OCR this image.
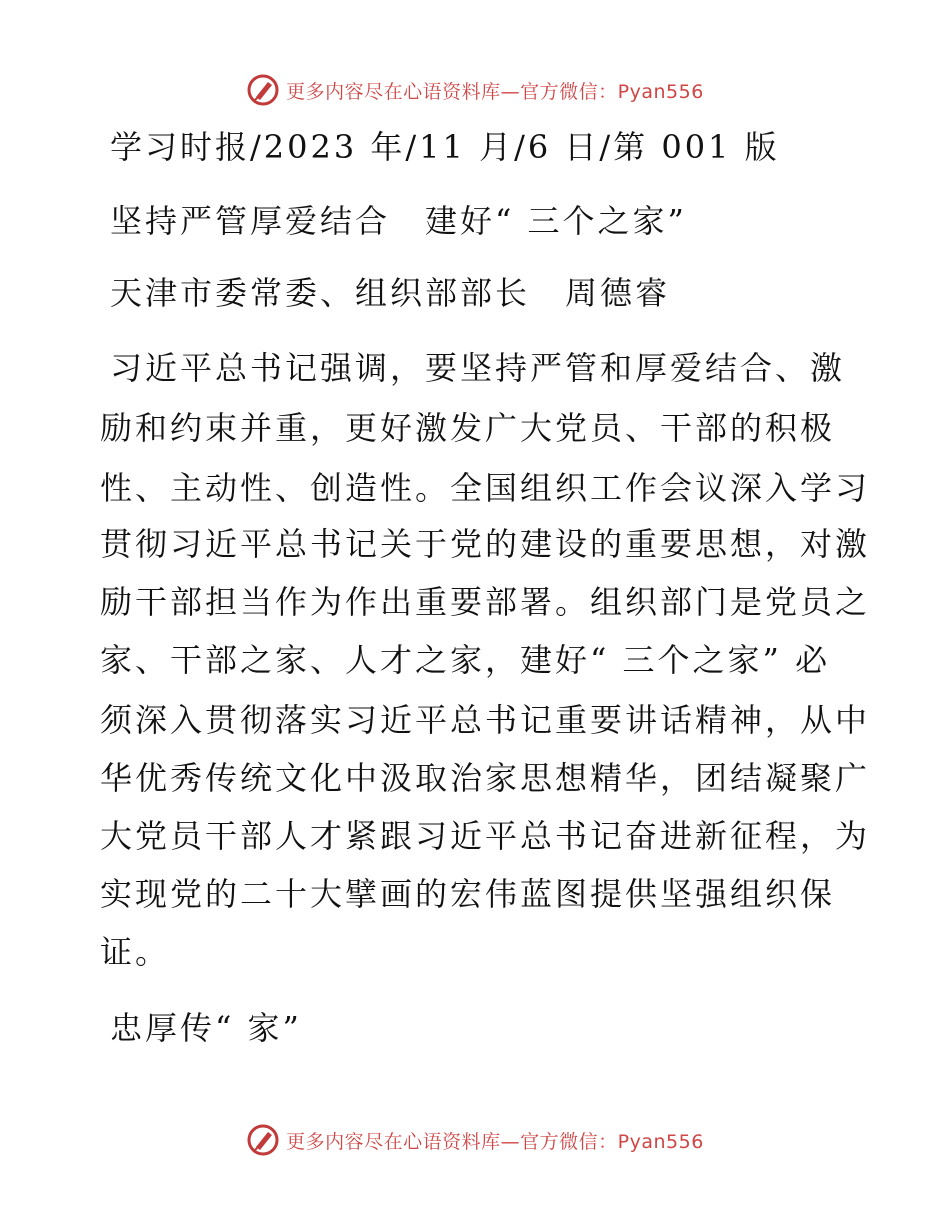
更多内容尽在心语资料库—官方微信：Pyan556
学习时报/2023 年/11 月/6 日/第 001 版
坚持严管厚爱结合　建好“ 三个之家”
天津市委常委、组织部部长　周德睿
习近平总书记强调，要坚持严管和厚爱结合、激
励和约束并重，更好激发广大党员、干部的积极
性、主动性、创造性。全国组织工作会议深入学习
贯彻习近平总书记关于党的建设的重要思想，对激
励干部担当作为作出重要部署。组织部门是党员之
家、干部之家、人才之家，建好“ 三个之家” 必
须深入贯彻落实习近平总书记重要讲话精神，从中
华优秀传统文化中汲取治家思想精华，团结凝聚广
大党员干部人才紧跟习近平总书记奋进新征程，为
实现党的二十大擘画的宏伟蓝图提供坚强组织保
证。
忠厚传“ 家”
更多内容尽在心语资料库—官方微信：Pyan556
